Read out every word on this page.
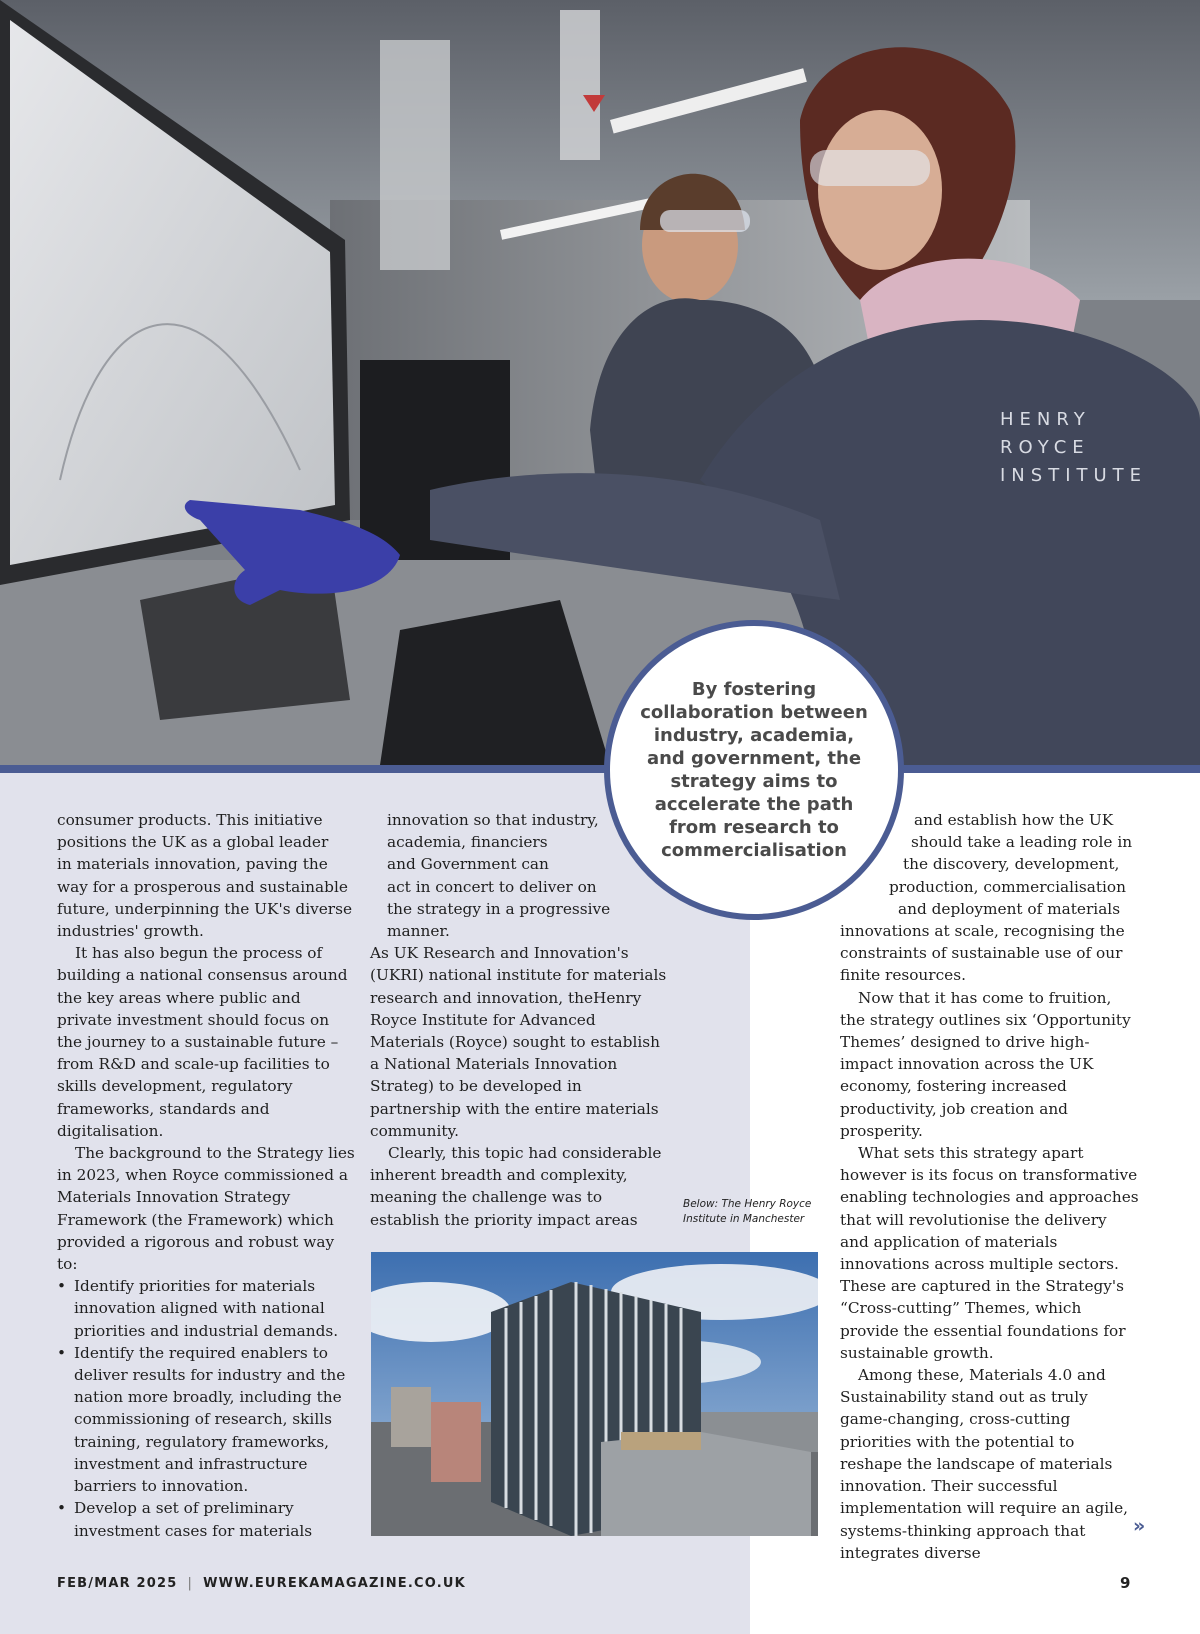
HENRY
ROYCE
INSTITUTE

consumer products. This initiative
positions the UK as a global leader
in materials innovation, paving the
way for a prosperous and sustainable
future, underpinning the UK's diverse
industries' growth.

It has also begun the process of building a national consensus around the key areas where public and private investment should focus on the journey to a sustainable future – from R&D and scale-up facilities to skills development, regulatory frameworks, standards and digitalisation.

The background to the Strategy lies in 2023, when Royce commissioned a Materials Innovation Strategy Framework (the Framework) which provided a rigorous and robust way to:

• Identify priorities for materials innovation aligned with national priorities and industrial demands.

• Identify the required enablers to deliver results for industry and the nation more broadly, including the commissioning of research, skills training, regulatory frameworks, investment and infrastructure barriers to innovation.

• Develop a set of preliminary investment cases for materials

innovation so that industry,
academia, financiers
and Government can
act in concert to deliver on
the strategy in a progressive
manner.

As UK Research and Innovation's (UKRI) national institute for materials research and innovation, theHenry Royce Institute for Advanced Materials (Royce) sought to establish a National Materials Innovation Strateg) to be developed in partnership with the entire materials community.

Clearly, this topic had considerable inherent breadth and complexity, meaning the challenge was to establish the priority impact areas

Below: The Henry Royce Institute in Manchester

By fostering collaboration between industry, academia, and government, the strategy aims to accelerate the path from research to commercialisation

and establish how the UK
should take a leading role in
the discovery, development,
production, commercialisation
and deployment of materials
innovations at scale, recognising the constraints of sustainable use of our finite resources.

Now that it has come to fruition, the strategy outlines six ‘Opportunity Themes’ designed to drive high-impact innovation across the UK economy, fostering increased productivity, job creation and prosperity.

What sets this strategy apart however is its focus on transformative enabling technologies and approaches that will revolutionise the delivery and application of materials innovations across multiple sectors. These are captured in the Strategy's “Cross-cutting” Themes, which provide the essential foundations for sustainable growth.

Among these, Materials 4.0 and Sustainability stand out as truly game-changing, cross-cutting priorities with the potential to reshape the landscape of materials innovation. Their successful implementation will require an agile, systems-thinking approach that integrates diverse

»
FEB/MAR 2025 | WWW.EUREKAMAGAZINE.CO.UK	9
